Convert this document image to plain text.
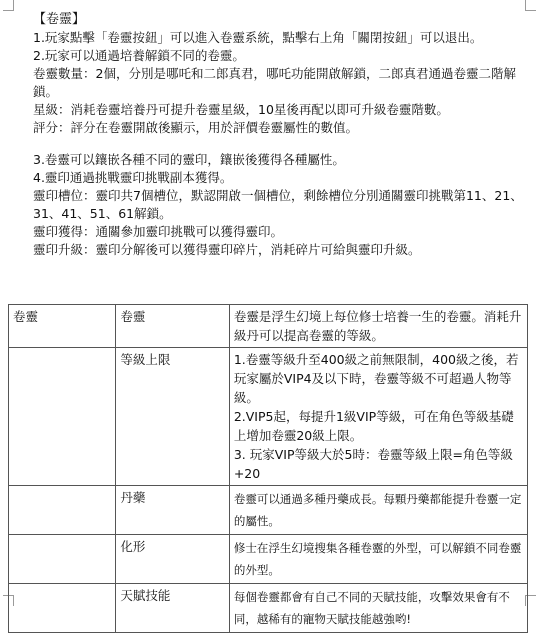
【卷靈】

1.玩家點擊「卷靈按鈕」可以進入卷靈系統，點擊右上角「關閉按鈕」可以退出。

2.玩家可以通過培養解鎖不同的卷靈。

卷靈數量：2個，分別是哪吒和二郎真君，哪吒功能開啟解鎖，二郎真君通過卷靈二階解鎖。

星級：消耗卷靈培養丹可提升卷靈星級，10星後再配以即可升級卷靈階數。

評分：評分在卷靈開啟後顯示，用於評價卷靈屬性的數值。

3.卷靈可以鑲嵌各種不同的靈印，鑲嵌後獲得各種屬性。

4.靈印通過挑戰靈印挑戰副本獲得。

靈印槽位：靈印共7個槽位，默認開啟一個槽位，剩餘槽位分別通關靈印挑戰第11、21、31、41、51、61解鎖。

靈印獲得：通關參加靈印挑戰可以獲得靈印。

靈印升級：靈印分解後可以獲得靈印碎片，消耗碎片可給與靈印升級。

卷靈	卷靈	卷靈是浮生幻境上每位修士培養一生的卷靈。消耗升級丹可以提高卷靈的等級。

	等級上限	1.卷靈等級升至400級之前無限制，400級之後，若玩家屬於VIP4及以下時，卷靈等級不可超過人物等級。
2.VIP5起，每提升1級VIP等級，可在角色等級基礎上增加卷靈20級上限。
3. 玩家VIP等級大於5時：卷靈等級上限=角色等級+20

	丹藥	卷靈可以通過多種丹藥成長。每顆丹藥都能提升卷靈一定的屬性。

	化形	修士在浮生幻境搜集各種卷靈的外型，可以解鎖不同卷靈的外型。

	天賦技能	每個卷靈都會有自己不同的天賦技能，攻擊效果會有不同，越稀有的寵物天賦技能越強哟!
